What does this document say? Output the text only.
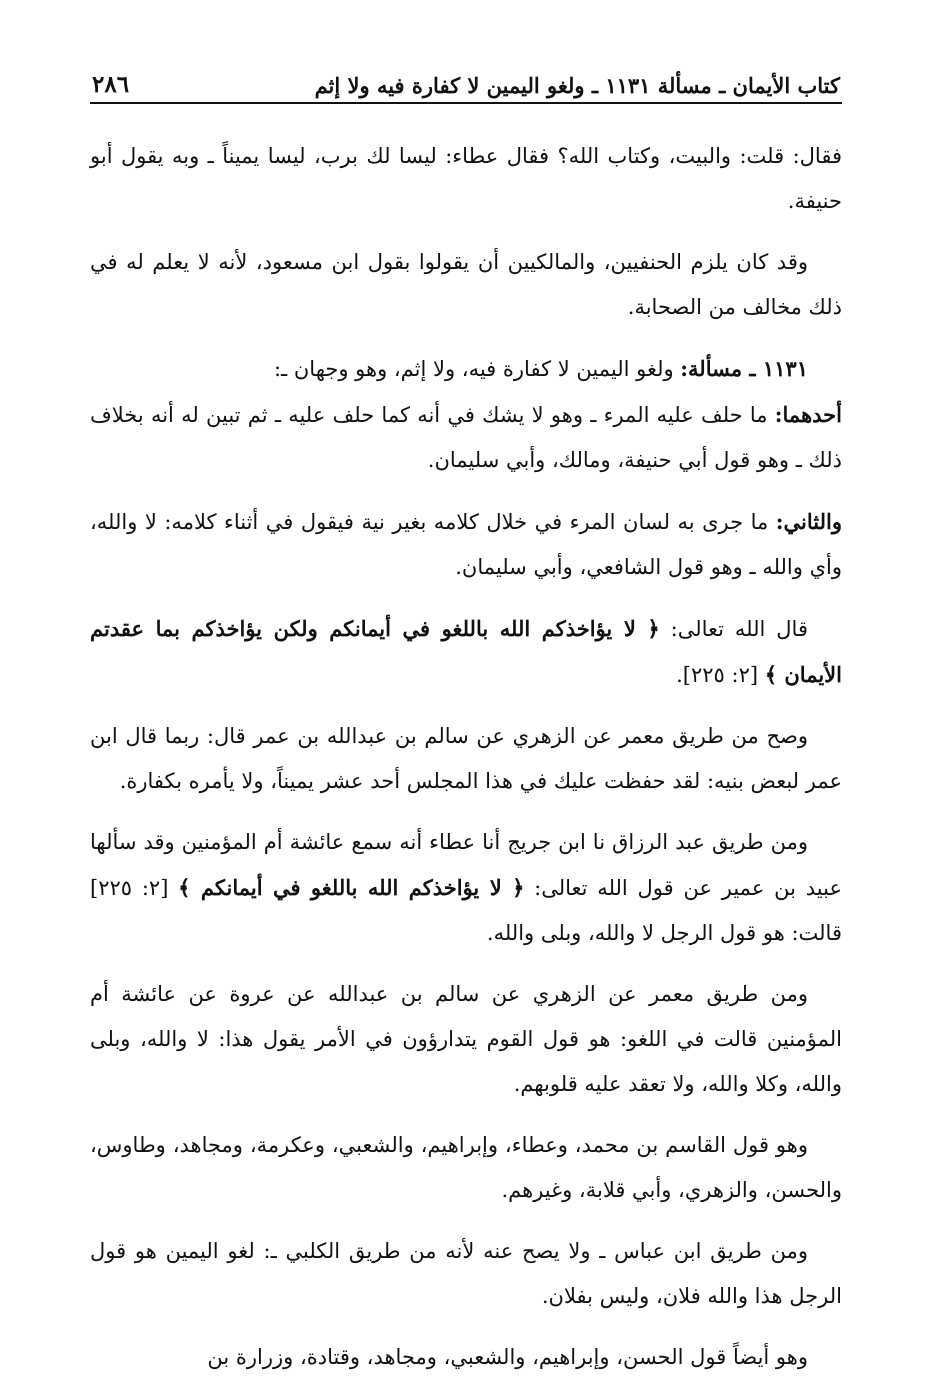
كتاب الأيمان ـ مسألة ١١٣١ ـ ولغو اليمين لا كفارة فيه ولا إثم
٢٨٦

فقال: قلت: والبيت، وكتاب الله؟ فقال عطاء: ليسا لك برب، ليسا يميناً ـ وبه يقول أبو حنيفة.

وقد كان يلزم الحنفيين، والمالكيين أن يقولوا بقول ابن مسعود، لأنه لا يعلم له في ذلك مخالف من الصحابة.

١١٣١ ـ مسألة: ولغو اليمين لا كفارة فيه، ولا إثم، وهو وجهان ـ:

أحدهما: ما حلف عليه المرء ـ وهو لا يشك في أنه كما حلف عليه ـ ثم تبين له أنه بخلاف ذلك ـ وهو قول أبي حنيفة، ومالك، وأبي سليمان.

والثاني: ما جرى به لسان المرء في خلال كلامه بغير نية فيقول في أثناء كلامه: لا والله، وأي والله ـ وهو قول الشافعي، وأبي سليمان.

قال الله تعالى: ﴿ لا يؤاخذكم الله باللغو في أيمانكم ولكن يؤاخذكم بما عقدتم الأيمان ﴾ [٢: ٢٢٥].

وصح من طريق معمر عن الزهري عن سالم بن عبدالله بن عمر قال: ربما قال ابن عمر لبعض بنيه: لقد حفظت عليك في هذا المجلس أحد عشر يميناً، ولا يأمره بكفارة.

ومن طريق عبد الرزاق نا ابن جريج أنا عطاء أنه سمع عائشة أم المؤمنين وقد سألها عبيد بن عمير عن قول الله تعالى: ﴿ لا يؤاخذكم الله باللغو في أيمانكم ﴾ [٢: ٢٢٥] قالت: هو قول الرجل لا والله، وبلى والله.

ومن طريق معمر عن الزهري عن سالم بن عبدالله عن عروة عن عائشة أم المؤمنين قالت في اللغو: هو قول القوم يتدارؤون في الأمر يقول هذا: لا والله، وبلى والله، وكلا والله، ولا تعقد عليه قلوبهم.

وهو قول القاسم بن محمد، وعطاء، وإبراهيم، والشعبي، وعكرمة، ومجاهد، وطاوس، والحسن، والزهري، وأبي قلابة، وغيرهم.

ومن طريق ابن عباس ـ ولا يصح عنه لأنه من طريق الكلبي ـ: لغو اليمين هو قول الرجل هذا والله فلان، وليس بفلان.

وهو أيضاً قول الحسن، وإبراهيم، والشعبي، ومجاهد، وقتادة، وزرارة بن
